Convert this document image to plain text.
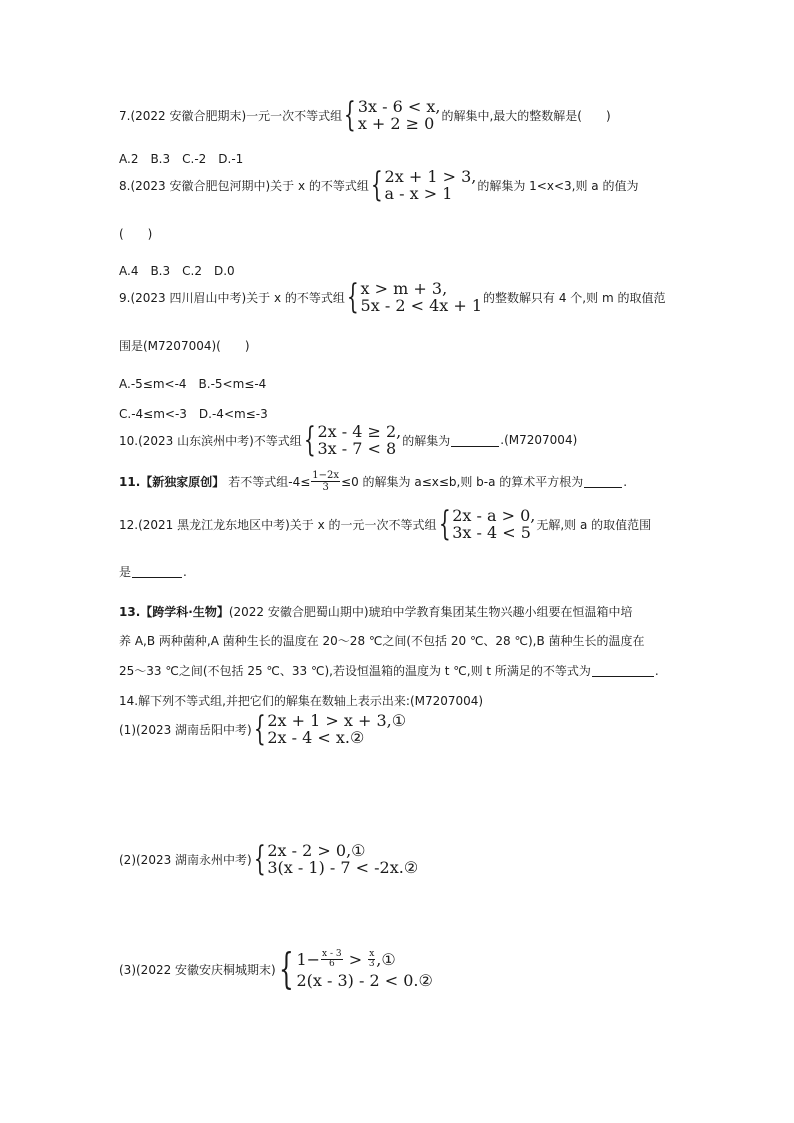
7.(2022 安徽合肥期末)一元一次不等式组 { 3x - 6 < x,
x + 2 ≥ 0 的解集中,最大的整数解是(　　)
A.2　B.3　C.-2　D.-1
8.(2023 安徽合肥包河期中)关于 x 的不等式组 { 2x + 1 > 3,
a - x > 1	的解集为 1<x<3,则 a 的值为
(　　)
A.4　B.3　C.2　D.0
9.(2023 四川眉山中考)关于 x 的不等式组 { x > m + 3,
5x - 2 < 4x + 1 的整数解只有 4 个,则 m 的取值范
围是(M7207004)(　　)
A.-5≤m<-4　B.-5<m≤-4
C.-4≤m<-3　D.-4<m≤-3
10.(2023 山东滨州中考)不等式组 { 2x - 4 ≥ 2,
3x - 7 < 8 的解集为	.(M7207004)
11.【新独家原创】 若不等式组$-4\le \frac{1-2x}{3} \le 0$ 的解集为 a≤x≤b,则 b-a 的算术平方根为	.
12.(2021 黑龙江龙东地区中考)关于 x 的一元一次不等式组 { 2x - a > 0,
3x - 4 < 5 无解,则 a 的取值范围
是	.
13.【跨学科·生物】 (2022 安徽合肥蜀山期中)琥珀中学教育集团某生物兴趣小组要在恒温箱中培
养 A,B 两种菌种,A 菌种生长的温度在 20～28 ℃之间(不包括 20 ℃、28 ℃),B 菌种生长的温度在
25～33 ℃之间(不包括 25 ℃、33 ℃),若设恒温箱的温度为 t ℃,则 t 所满足的不等式为	.
14.解下列不等式组,并把它们的解集在数轴上表示出来:(M7207004)
(1)(2023 湖南岳阳中考) { 2x + 1 > x + 3,①
2x - 4 < x.②
(2)(2023 湖南永州中考) { 2x - 2 > 0,①
3(x - 1) - 7 < -2x.②
(3)(2022 安徽安庆桐城期末) { $1- \frac{x - 3}{6} > \frac{x}{3}$ ,①
2(x - 3) - 2 < 0.②
